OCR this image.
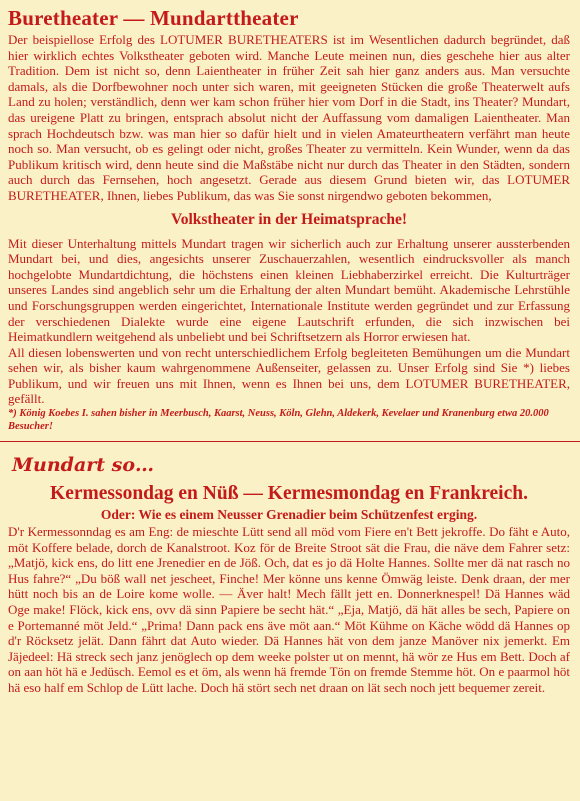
Buretheater — Mundarttheater

Der beispiellose Erfolg des LOTUMER BURETHEATERS ist im Wesentlichen dadurch begründet, daß hier wirklich echtes Volkstheater geboten wird. Manche Leute meinen nun, dies geschehe hier aus alter Tradition. Dem ist nicht so, denn Laientheater in früher Zeit sah hier ganz anders aus. Man versuchte damals, als die Dorfbewohner noch unter sich waren, mit geeigneten Stücken die große Theaterwelt aufs Land zu holen; verständlich, denn wer kam schon früher hier vom Dorf in die Stadt, ins Theater? Mundart, das ureigene Platt zu bringen, entsprach absolut nicht der Auffassung vom damaligen Laientheater. Man sprach Hochdeutsch bzw. was man hier so dafür hielt und in vielen Amateurtheatern verfährt man heute noch so. Man versucht, ob es gelingt oder nicht, großes Theater zu vermitteln. Kein Wunder, wenn da das Publikum kritisch wird, denn heute sind die Maßstäbe nicht nur durch das Theater in den Städten, sondern auch durch das Fernsehen, hoch angesetzt. Gerade aus diesem Grund bieten wir, das LOTUMER BURETHEATER, Ihnen, liebes Publikum, das was Sie sonst nirgendwo geboten bekommen,

Volkstheater in der Heimatsprache!

Mit dieser Unterhaltung mittels Mundart tragen wir sicherlich auch zur Erhaltung unserer aussterbenden Mundart bei, und dies, angesichts unserer Zuschauerzahlen, wesentlich eindrucksvoller als manch hochgelobte Mundartdichtung, die höchstens einen kleinen Liebhaberzirkel erreicht. Die Kulturträger unseres Landes sind angeblich sehr um die Erhaltung der alten Mundart bemüht. Akademische Lehrstühle und Forschungsgruppen werden eingerichtet, Internationale Institute werden gegründet und zur Erfassung der verschiedenen Dialekte wurde eine eigene Lautschrift erfunden, die sich inzwischen bei Heimatkundlern weitgehend als unbeliebt und bei Schriftsetzern als Horror erwiesen hat.

All diesen lobenswerten und von recht unterschiedlichem Erfolg begleiteten Bemühungen um die Mundart sehen wir, als bisher kaum wahrgenommene Außenseiter, gelassen zu. Unser Erfolg sind Sie *) liebes Publikum, und wir freuen uns mit Ihnen, wenn es Ihnen bei uns, dem LOTUMER BURETHEATER, gefällt.

*) König Koebes I. sahen bisher in Meerbusch, Kaarst, Neuss, Köln, Glehn, Aldekerk, Kevelaer und Kranenburg etwa 20.000 Besucher!
Mundart so…
Kermessondag en Nüß — Kermesmondag en Frankreich.
Oder: Wie es einem Neusser Grenadier beim Schützenfest erging.

D'r Kermessonndag es am Eng: de mieschte Lütt send all möd vom Fiere en't Bett jekroffe. Do fäht e Auto, möt Koffere belade, dorch de Kanalstroot. Koz för de Breite Stroot sät die Frau, die näve dem Fahrer setz: „Matjö, kick ens, do litt ene Jrenedier en de Jöß. Och, dat es jo dä Holte Hannes. Sollte mer dä nat rasch no Hus fahre?“ „Du böß wall net jescheet, Finche! Mer könne uns kenne Ömwäg leiste. Denk draan, der mer hütt noch bis an de Loire kome wolle. — Äver halt! Mech fällt jett en. Donnerknespel! Dä Hannes wäd Oge make! Flöck, kick ens, ovv dä sinn Papiere be secht hät.“ „Eja, Matjö, dä hät alles be sech, Papiere on e Portemanné möt Jeld.“ „Prima! Dann pack ens äve möt aan.“ Möt Kühme on Käche wödd dä Hannes op d'r Röcksetz jelät. Dann fährt dat Auto wieder. Dä Hannes hät von dem janze Manöver nix jemerkt. Em Jäjedeel: Hä streck sech janz jenöglech op dem weeke polster ut on mennt, hä wör ze Hus em Bett. Doch af on aan höt hä e Jedüsch. Eemol es et öm, als wenn hä fremde Tön on fremde Stemme höt. On e paarmol höt hä eso half em Schlop de Lütt lache. Doch hä stört sech net draan on lät sech noch jett bequemer zereit.
